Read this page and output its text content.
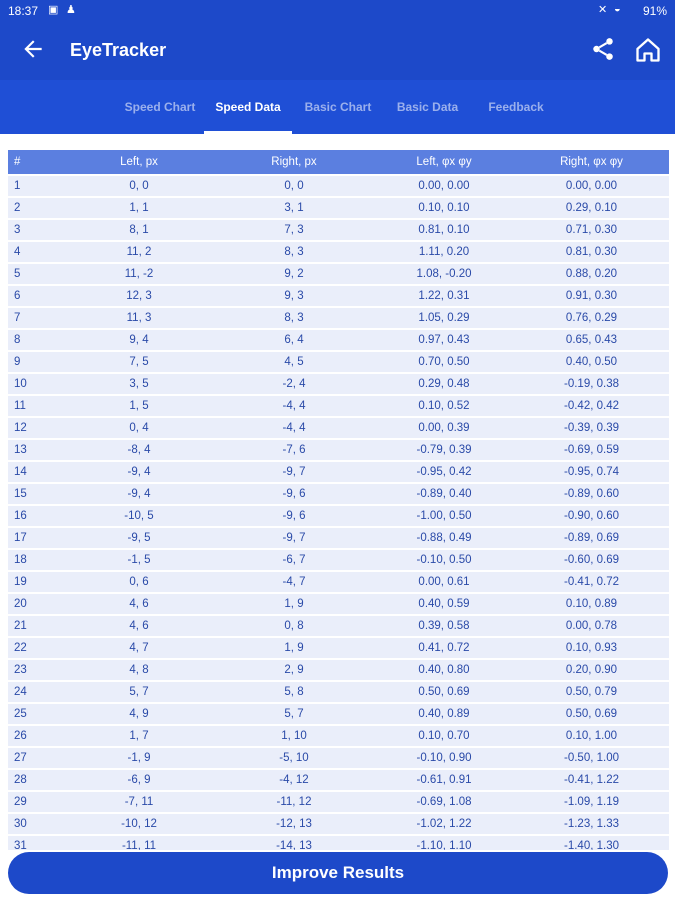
18:37 ▣ ♟	✕ ◒ 91%
EyeTracker
Speed Chart	Speed Data	Basic Chart	Basic Data	Feedback
#	Left, px	Right, px	Left, φx φy	Right, φx φy
1	0, 0	0, 0	0.00, 0.00	0.00, 0.00
2	1, 1	3, 1	0.10, 0.10	0.29, 0.10
3	8, 1	7, 3	0.81, 0.10	0.71, 0.30
4	11, 2	8, 3	1.11, 0.20	0.81, 0.30
5	11, -2	9, 2	1.08, -0.20	0.88, 0.20
6	12, 3	9, 3	1.22, 0.31	0.91, 0.30
7	11, 3	8, 3	1.05, 0.29	0.76, 0.29
8	9, 4	6, 4	0.97, 0.43	0.65, 0.43
9	7, 5	4, 5	0.70, 0.50	0.40, 0.50
10	3, 5	-2, 4	0.29, 0.48	-0.19, 0.38
11	1, 5	-4, 4	0.10, 0.52	-0.42, 0.42
12	0, 4	-4, 4	0.00, 0.39	-0.39, 0.39
13	-8, 4	-7, 6	-0.79, 0.39	-0.69, 0.59
14	-9, 4	-9, 7	-0.95, 0.42	-0.95, 0.74
15	-9, 4	-9, 6	-0.89, 0.40	-0.89, 0.60
16	-10, 5	-9, 6	-1.00, 0.50	-0.90, 0.60
17	-9, 5	-9, 7	-0.88, 0.49	-0.89, 0.69
18	-1, 5	-6, 7	-0.10, 0.50	-0.60, 0.69
19	0, 6	-4, 7	0.00, 0.61	-0.41, 0.72
20	4, 6	1, 9	0.40, 0.59	0.10, 0.89
21	4, 6	0, 8	0.39, 0.58	0.00, 0.78
22	4, 7	1, 9	0.41, 0.72	0.10, 0.93
23	4, 8	2, 9	0.40, 0.80	0.20, 0.90
24	5, 7	5, 8	0.50, 0.69	0.50, 0.79
25	4, 9	5, 7	0.40, 0.89	0.50, 0.69
26	1, 7	1, 10	0.10, 0.70	0.10, 1.00
27	-1, 9	-5, 10	-0.10, 0.90	-0.50, 1.00
28	-6, 9	-4, 12	-0.61, 0.91	-0.41, 1.22
29	-7, 11	-11, 12	-0.69, 1.08	-1.09, 1.19
30	-10, 12	-12, 13	-1.02, 1.22	-1.23, 1.33
31	-11, 11	-14, 13	-1.10, 1.10	-1.40, 1.30
Improve Results
